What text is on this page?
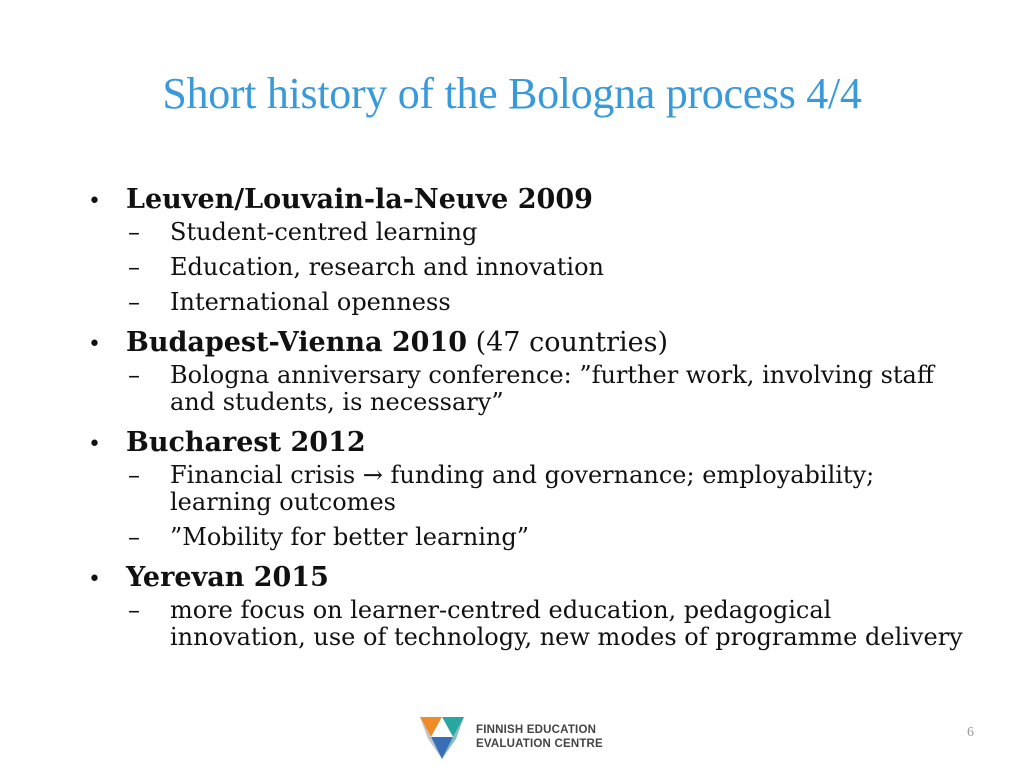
Short history of the Bologna process 4/4
• Leuven/Louvain-la-Neuve 2009
–	Student-centred learning
–	Education, research and innovation
–	International openness
• Budapest-Vienna 2010 (47 countries)
–	Bologna anniversary conference: ”further work, involving staff and students, is necessary”
• Bucharest 2012
–	Financial crisis → funding and governance; employability; learning outcomes
–	”Mobility for better learning”
• Yerevan 2015
–	more focus on learner-centred education, pedagogical innovation, use of technology, new modes of programme delivery
FINNISH EDUCATION
EVALUATION CENTRE
6
